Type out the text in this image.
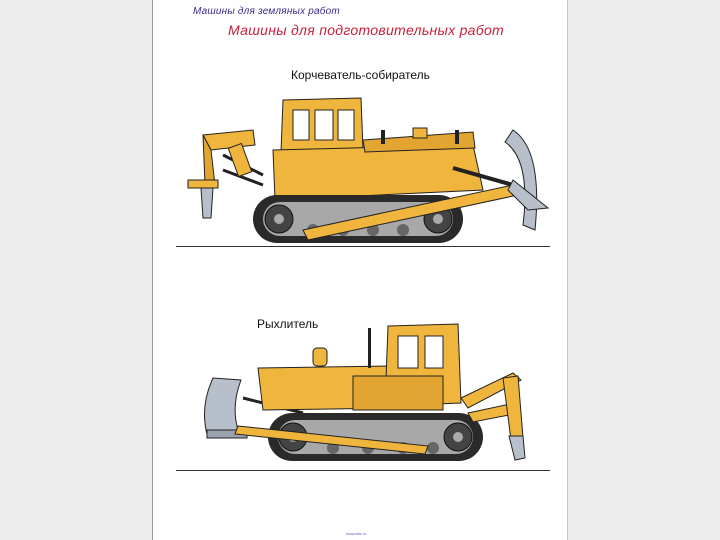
Машины для земляных работ
Машины для подготовительных работ
Корчеватель-собиратель
Рыхлитель
www.site.ru
